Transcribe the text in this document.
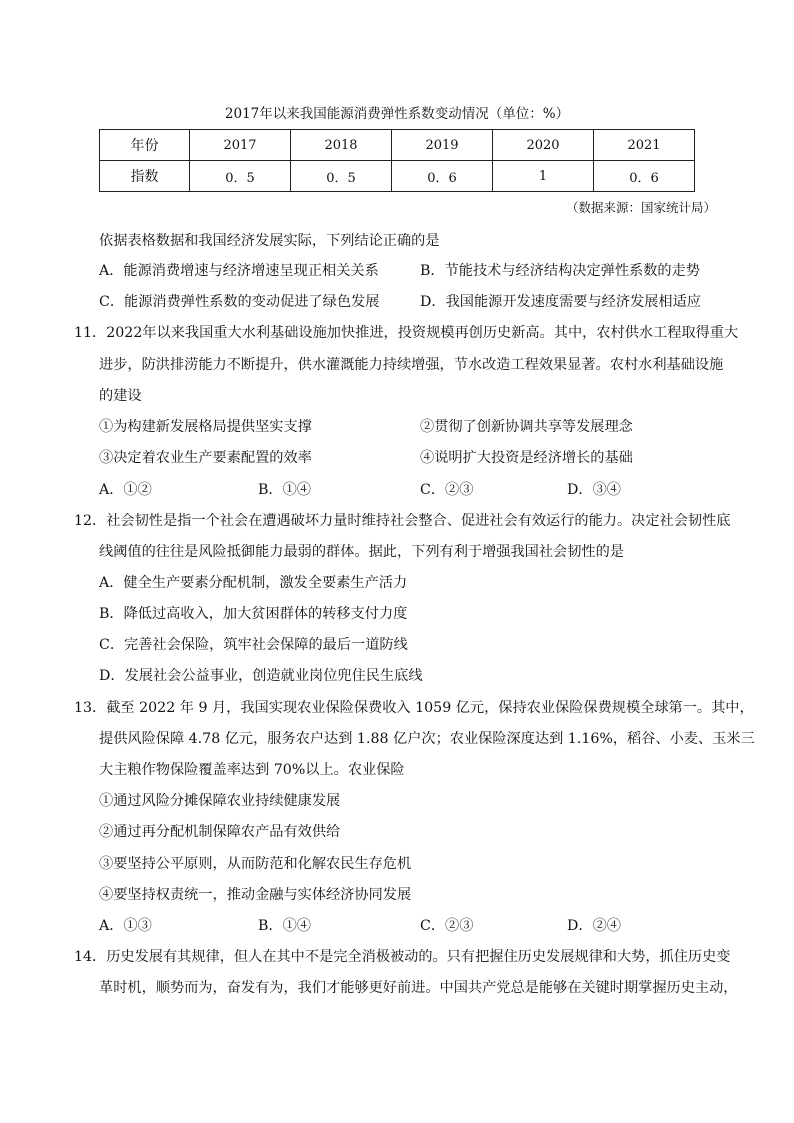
2017年以来我国能源消费弹性系数变动情况（单位：%）
年份	2017	2018	2019	2020	2021
指数	0．5	0．5	0．6	1	0．6
（数据来源：国家统计局）
依据表格数据和我国经济发展实际，下列结论正确的是
A．能源消费增速与经济增速呈现正相关关系	B．节能技术与经济结构决定弹性系数的走势
C．能源消费弹性系数的变动促进了绿色发展	D．我国能源开发速度需要与经济发展相适应
11．2022年以来我国重大水利基础设施加快推进，投资规模再创历史新高。其中，农村供水工程取得重大
进步，防洪排涝能力不断提升，供水灌溉能力持续增强，节水改造工程效果显著。农村水利基础设施
的建设
①为构建新发展格局提供坚实支撑	②贯彻了创新协调共享等发展理念
③决定着农业生产要素配置的效率	④说明扩大投资是经济增长的基础
A．①②	B．①④	C．②③	D．③④
12．社会韧性是指一个社会在遭遇破坏力量时维持社会整合、促进社会有效运行的能力。决定社会韧性底
线阈值的往往是风险抵御能力最弱的群体。据此，下列有利于增强我国社会韧性的是
A．健全生产要素分配机制，激发全要素生产活力
B．降低过高收入，加大贫困群体的转移支付力度
C．完善社会保险，筑牢社会保障的最后一道防线
D．发展社会公益事业，创造就业岗位兜住民生底线
13．截至 2022 年 9 月，我国实现农业保险保费收入 1059 亿元，保持农业保险保费规模全球第一。其中，
提供风险保障 4.78 亿元，服务农户达到 1.88 亿户次；农业保险深度达到 1.16%，稻谷、小麦、玉米三
大主粮作物保险覆盖率达到 70%以上。农业保险
①通过风险分摊保障农业持续健康发展
②通过再分配机制保障农产品有效供给
③要坚持公平原则，从而防范和化解农民生存危机
④要坚持权责统一，推动金融与实体经济协同发展
A．①③	B．①④	C．②③	D．②④
14．历史发展有其规律，但人在其中不是完全消极被动的。只有把握住历史发展规律和大势，抓住历史变
革时机，顺势而为，奋发有为，我们才能够更好前进。中国共产党总是能够在关键时期掌握历史主动，
